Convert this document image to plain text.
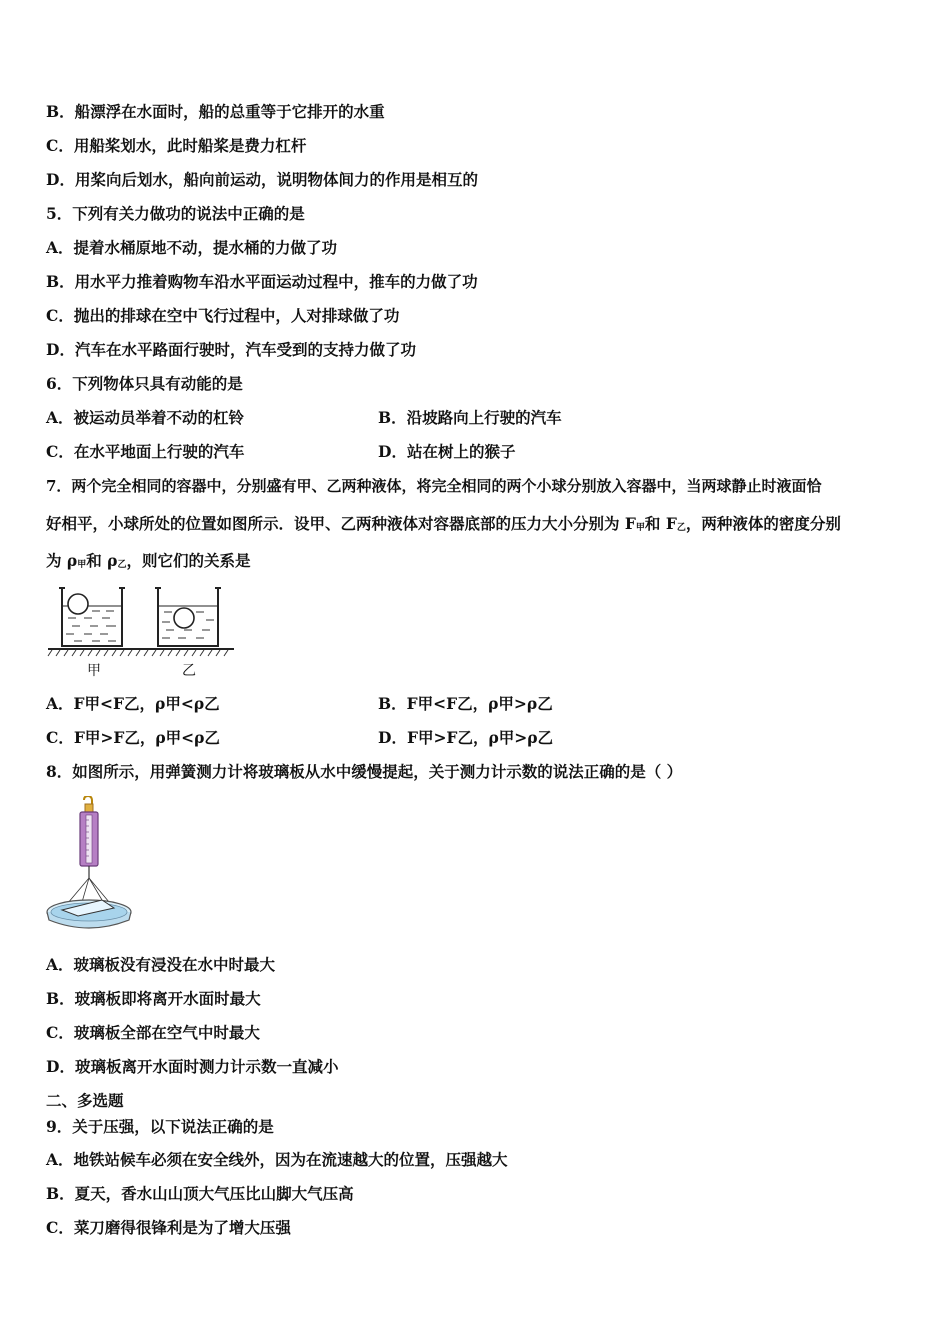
B．船漂浮在水面时，船的总重等于它排开的水重
C．用船桨划水，此时船桨是费力杠杆
D．用桨向后划水，船向前运动，说明物体间力的作用是相互的
5．下列有关力做功的说法中正确的是
A．提着水桶原地不动，提水桶的力做了功
B．用水平力推着购物车沿水平面运动过程中，推车的力做了功
C．抛出的排球在空中飞行过程中，人对排球做了功
D．汽车在水平路面行驶时，汽车受到的支持力做了功
6．下列物体只具有动能的是
A．被运动员举着不动的杠铃	B．沿坡路向上行驶的汽车
C．在水平地面上行驶的汽车	D．站在树上的猴子
7．两个完全相同的容器中，分别盛有甲、乙两种液体，将完全相同的两个小球分别放入容器中，当两球静止时液面恰
好相平，小球所处的位置如图所示．设甲、乙两种液体对容器底部的压力大小分别为 F甲和 F乙，两种液体的密度分别
为 ρ甲和 ρ乙，则它们的关系是
甲	乙
A．F甲<F乙，ρ甲<ρ乙	B．F甲<F乙，ρ甲>ρ乙
C．F甲>F乙，ρ甲<ρ乙	D．F甲>F乙，ρ甲>ρ乙
8．如图所示，用弹簧测力计将玻璃板从水中缓慢提起，关于测力计示数的说法正确的是（ ）
A．玻璃板没有浸没在水中时最大
B．玻璃板即将离开水面时最大
C．玻璃板全部在空气中时最大
D．玻璃板离开水面时测力计示数一直减小
二、多选题
9．关于压强，以下说法正确的是
A．地铁站候车必须在安全线外，因为在流速越大的位置，压强越大
B．夏天，香水山山顶大气压比山脚大气压高
C．菜刀磨得很锋利是为了增大压强
